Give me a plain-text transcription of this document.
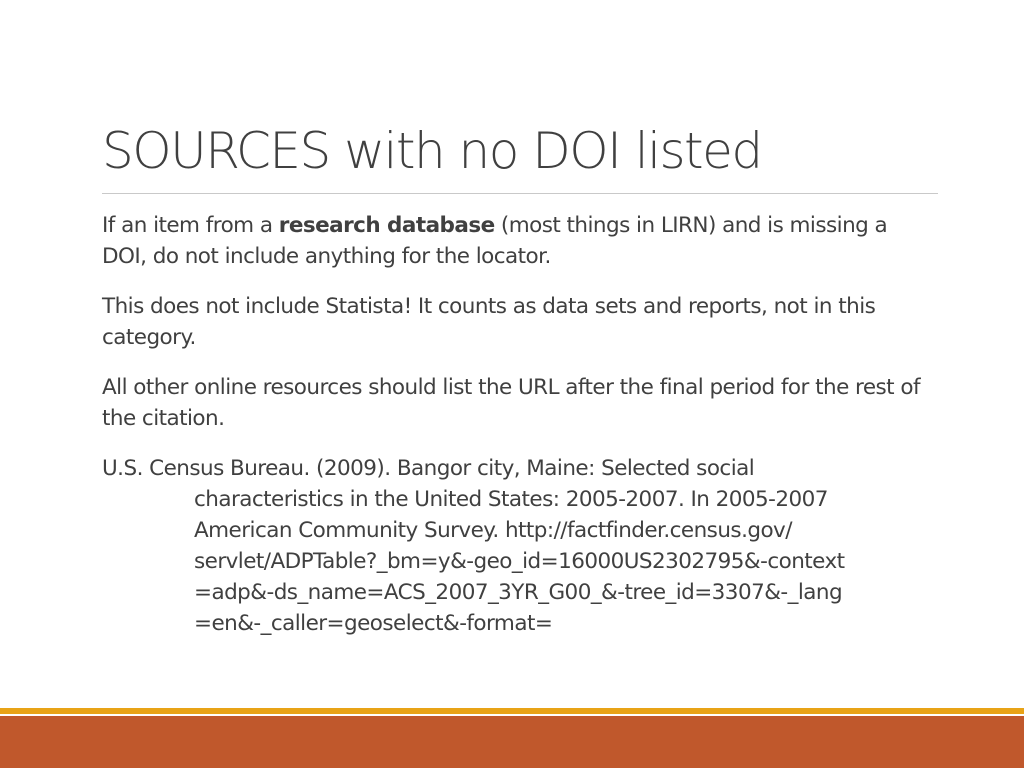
SOURCES with no DOI listed

If an item from a research database (most things in LIRN) and is missing a DOI, do not include anything for the locator.

This does not include Statista! It counts as data sets and reports, not in this category.

All other online resources should list the URL after the final period for the rest of the citation.

U.S. Census Bureau. (2009). Bangor city, Maine: Selected social
characteristics in the United States: 2005-2007. In 2005-2007
American Community Survey. http://factfinder.census.gov/
servlet/ADPTable?_bm=y&-geo_id=16000US2302795&-context
=adp&-ds_name=ACS_2007_3YR_G00_&-tree_id=3307&-_lang
=en&-_caller=geoselect&-format=
